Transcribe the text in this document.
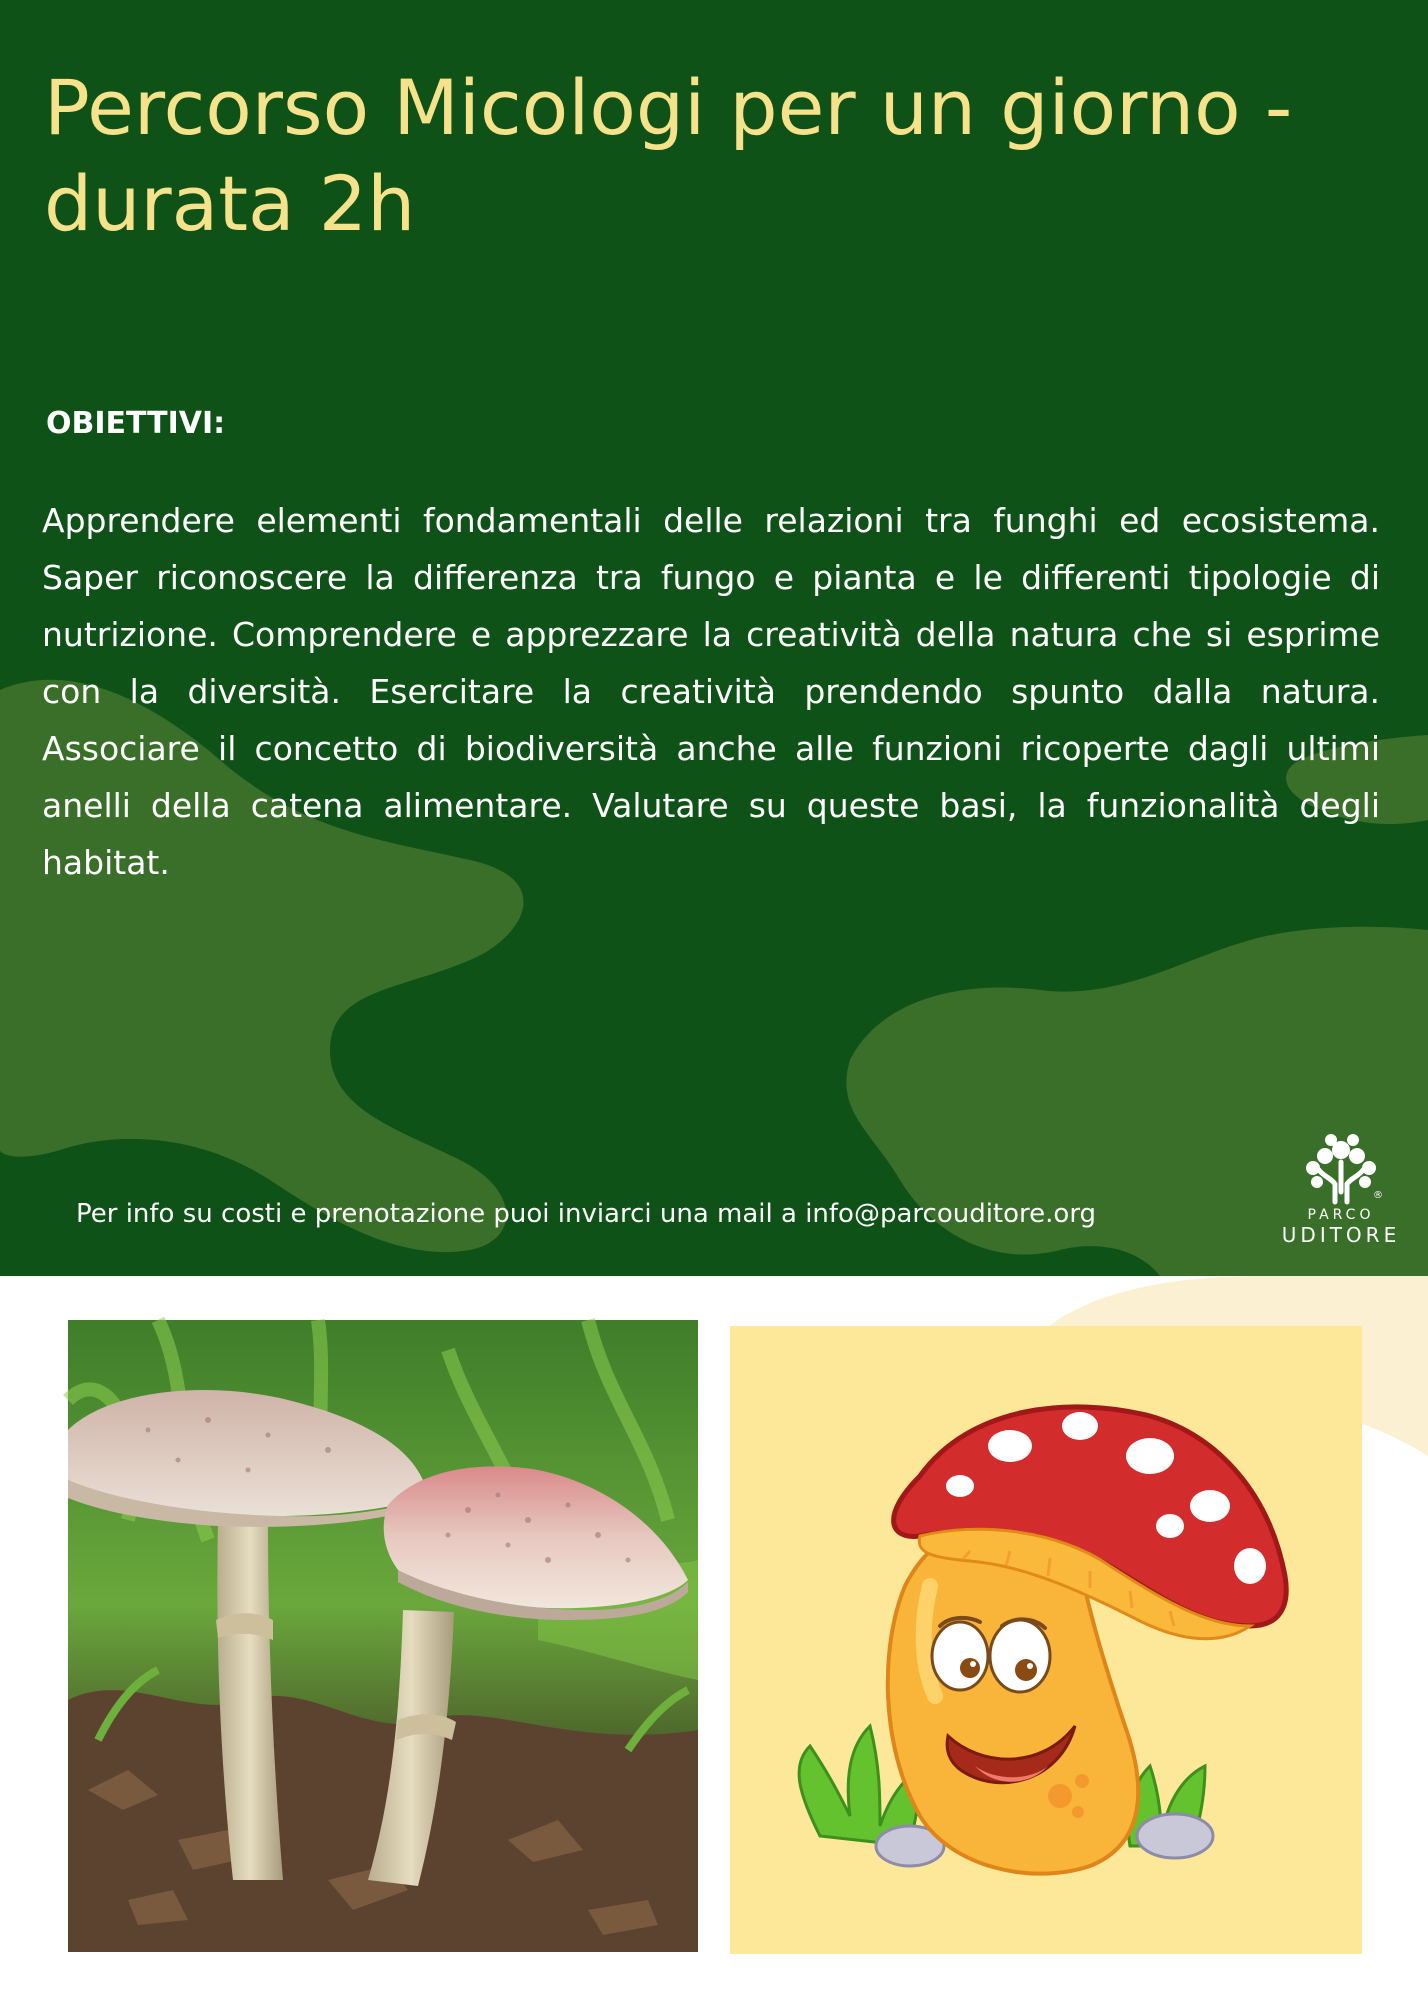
Percorso Micologi per un giorno - durata 2h
OBIETTIVI:

Apprendere elementi fondamentali delle relazioni tra funghi ed ecosistema. Saper riconoscere la differenza tra fungo e pianta e le differenti tipologie di nutrizione. Comprendere e apprezzare la creatività della natura che si esprime con la diversità. Esercitare la creatività prendendo spunto dalla natura. Associare il concetto di biodiversità anche alle funzioni ricoperte dagli ultimi anelli della catena alimentare. Valutare su queste basi, la funzionalità degli habitat.

Per info su costi e prenotazione puoi inviarci una mail a info@parcouditore.org

®
PARCO
UDITORE
